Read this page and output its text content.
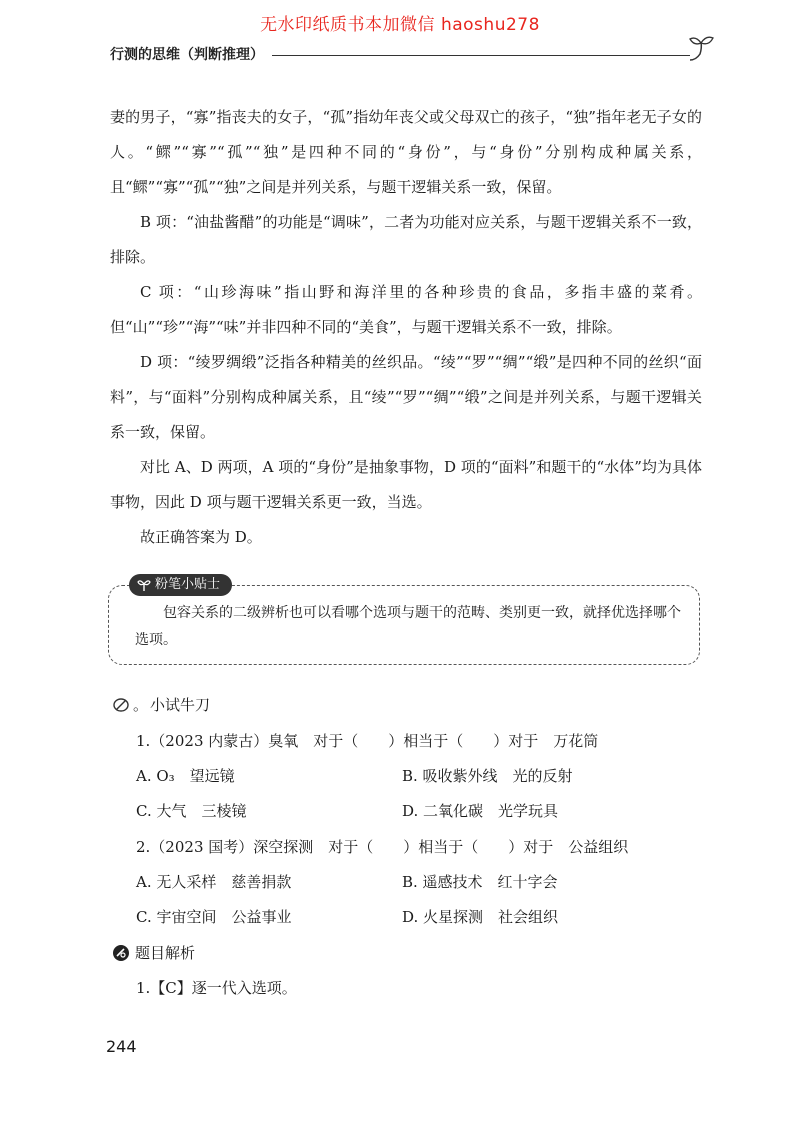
无水印纸质书本加微信 haoshu278
行测的思维（判断推理）

妻的男子，“寡”指丧夫的女子，“孤”指幼年丧父或父母双亡的孩子，“独”指年老无子女的人。“鳏”“寡”“孤”“独”是四种不同的“身份”，与“身份”分别构成种属关系，且“鳏”“寡”“孤”“独”之间是并列关系，与题干逻辑关系一致，保留。

B 项：“油盐酱醋”的功能是“调味”，二者为功能对应关系，与题干逻辑关系不一致，排除。

C 项：“山珍海味”指山野和海洋里的各种珍贵的食品，多指丰盛的菜肴。但“山”“珍”“海”“味”并非四种不同的“美食”，与题干逻辑关系不一致，排除。

D 项：“绫罗绸缎”泛指各种精美的丝织品。“绫”“罗”“绸”“缎”是四种不同的丝织“面料”，与“面料”分别构成种属关系，且“绫”“罗”“绸”“缎”之间是并列关系，与题干逻辑关系一致，保留。

对比 A、D 两项，A 项的“身份”是抽象事物，D 项的“面料”和题干的“水体”均为具体事物，因此 D 项与题干逻辑关系更一致，当选。

故正确答案为 D。

粉笔小贴士

包容关系的二级辨析也可以看哪个选项与题干的范畴、类别更一致，就择优选择哪个选项。

。 小试牛刀
1.（2023 内蒙古）臭氧　对于（　　）相当于（　　）对于　万花筒
A. O₃　望远镜	B. 吸收紫外线　光的反射
C. 大气　三棱镜	D. 二氧化碳　光学玩具
2.（2023 国考）深空探测　对于（　　）相当于（　　）对于　公益组织
A. 无人采样　慈善捐款	B. 遥感技术　红十字会
C. 宇宙空间　公益事业	D. 火星探测　社会组织
题目解析
1.【C】逐一代入选项。
244
